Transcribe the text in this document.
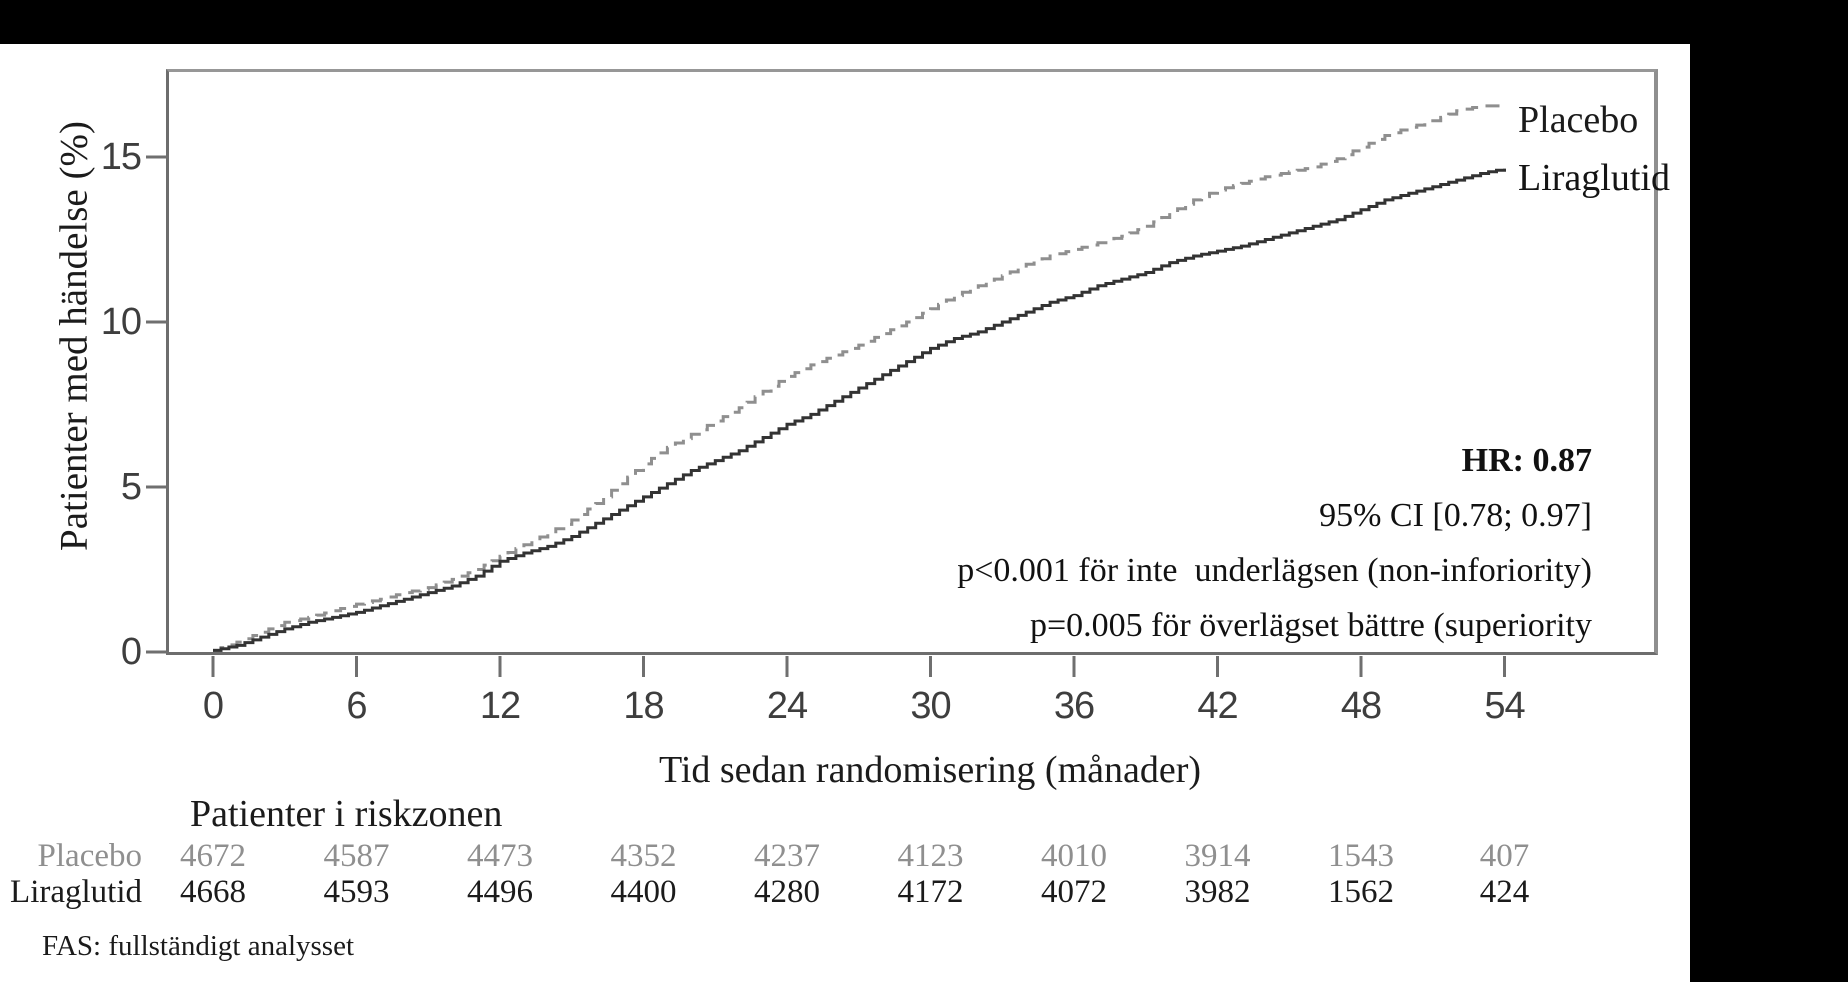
Patienter med händelse (%)
0
5
10
15
0	6	12	18	24	30	36	42	48	54
Placebo
Liraglutid
HR: 0.87
95% CI [0.78; 0.97]
p<0.001 för inte  underlägsen (non-inforiority)
p=0.005 för överlägset bättre (superiority
Tid sedan randomisering (månader)
Patienter i riskzonen
Placebo	4672	4587	4473	4352	4237	4123	4010	3914	1543	407
Liraglutid	4668	4593	4496	4400	4280	4172	4072	3982	1562	424
FAS: fullständigt analysset
